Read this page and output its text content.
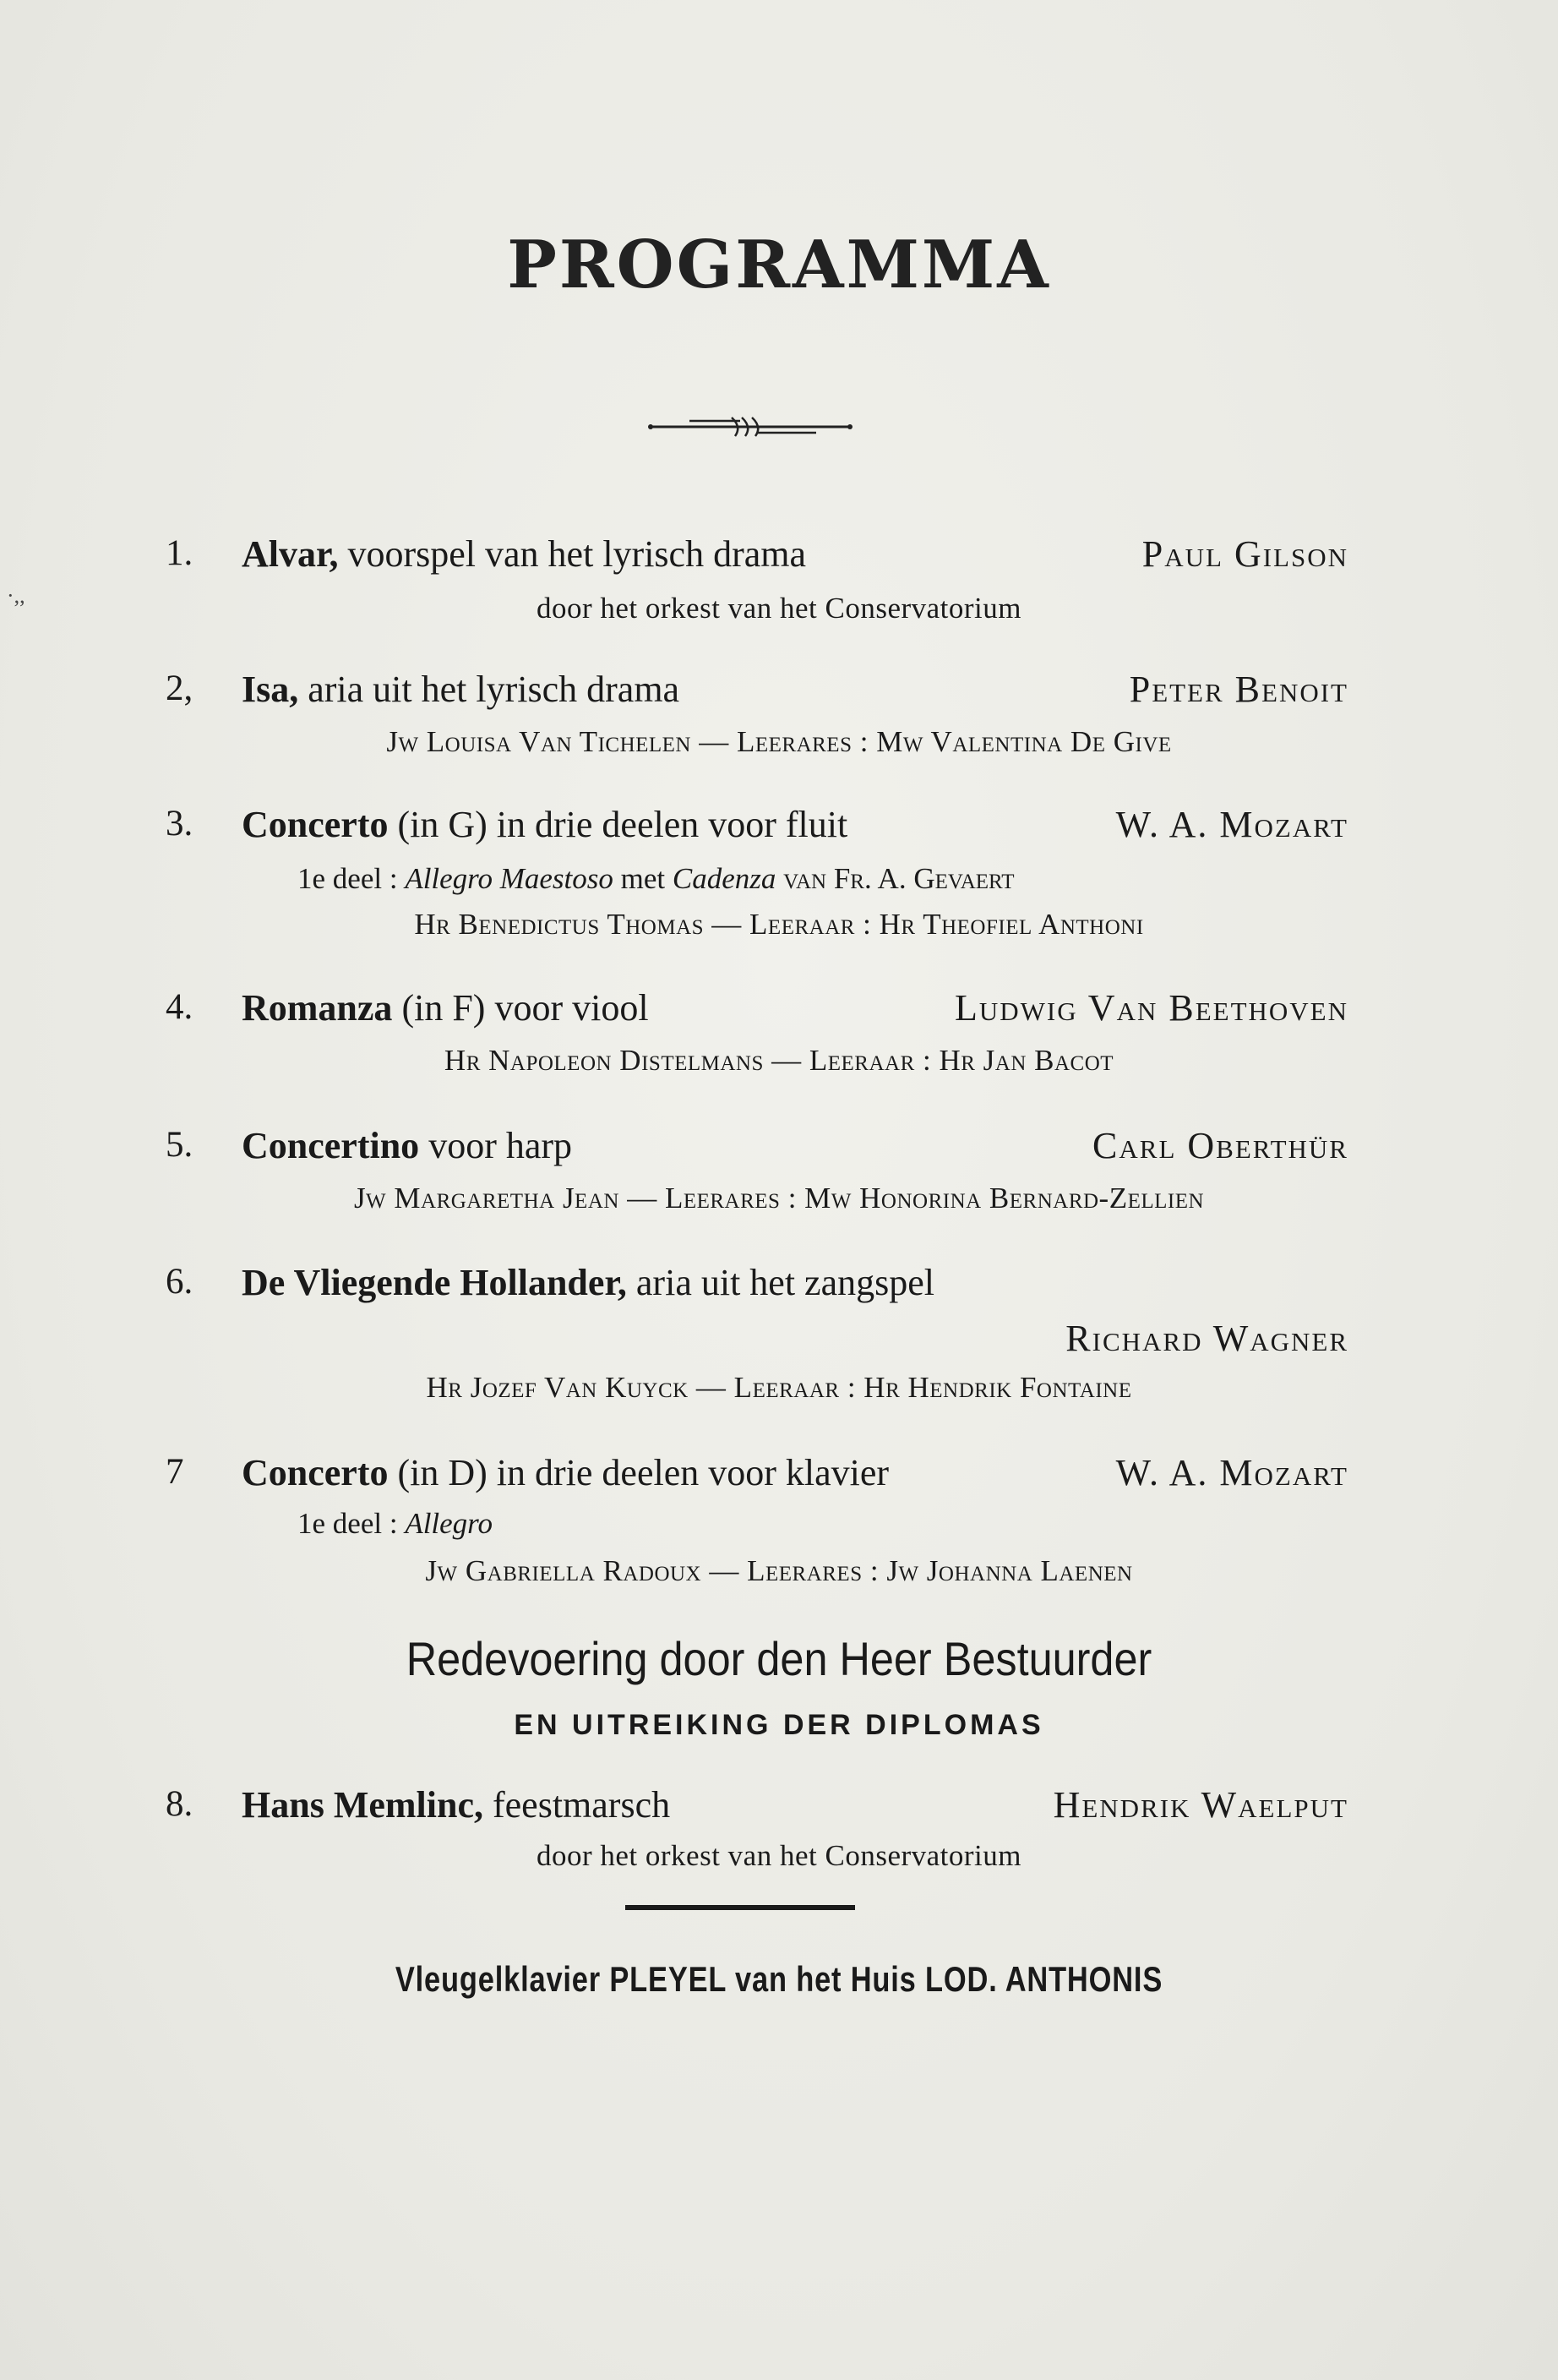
·,,
PROGRAMMA
1. Alvar, voorspel van het lyrisch drama	Paul Gilson
door het orkest van het Conservatorium
2, Isa, aria uit het lyrisch drama	Peter Benoit
Jw Louisa Van Tichelen — Leerares : Mw Valentina De Give
3. Concerto (in G) in drie deelen voor fluit	W. A. Mozart
1e deel : Allegro Maestoso met Cadenza van Fr. A. Gevaert
Hr Benedictus Thomas — Leeraar : Hr Theofiel Anthoni
4. Romanza (in F) voor viool	Ludwig Van Beethoven
Hr Napoleon Distelmans — Leeraar : Hr Jan Bacot
5. Concertino voor harp	Carl Oberthür
Jw Margaretha Jean — Leerares : Mw Honorina Bernard-Zellien
6. De Vliegende Hollander, aria uit het zangspel
Richard Wagner
Hr Jozef Van Kuyck — Leeraar : Hr Hendrik Fontaine
7 Concerto (in D) in drie deelen voor klavier	W. A. Mozart
1e deel : Allegro
Jw Gabriella Radoux — Leerares : Jw Johanna Laenen
Redevoering door den Heer Bestuurder
EN UITREIKING DER DIPLOMAS
8. Hans Memlinc, feestmarsch	Hendrik Waelput
door het orkest van het Conservatorium
Vleugelklavier PLEYEL van het Huis LOD. ANTHONIS
